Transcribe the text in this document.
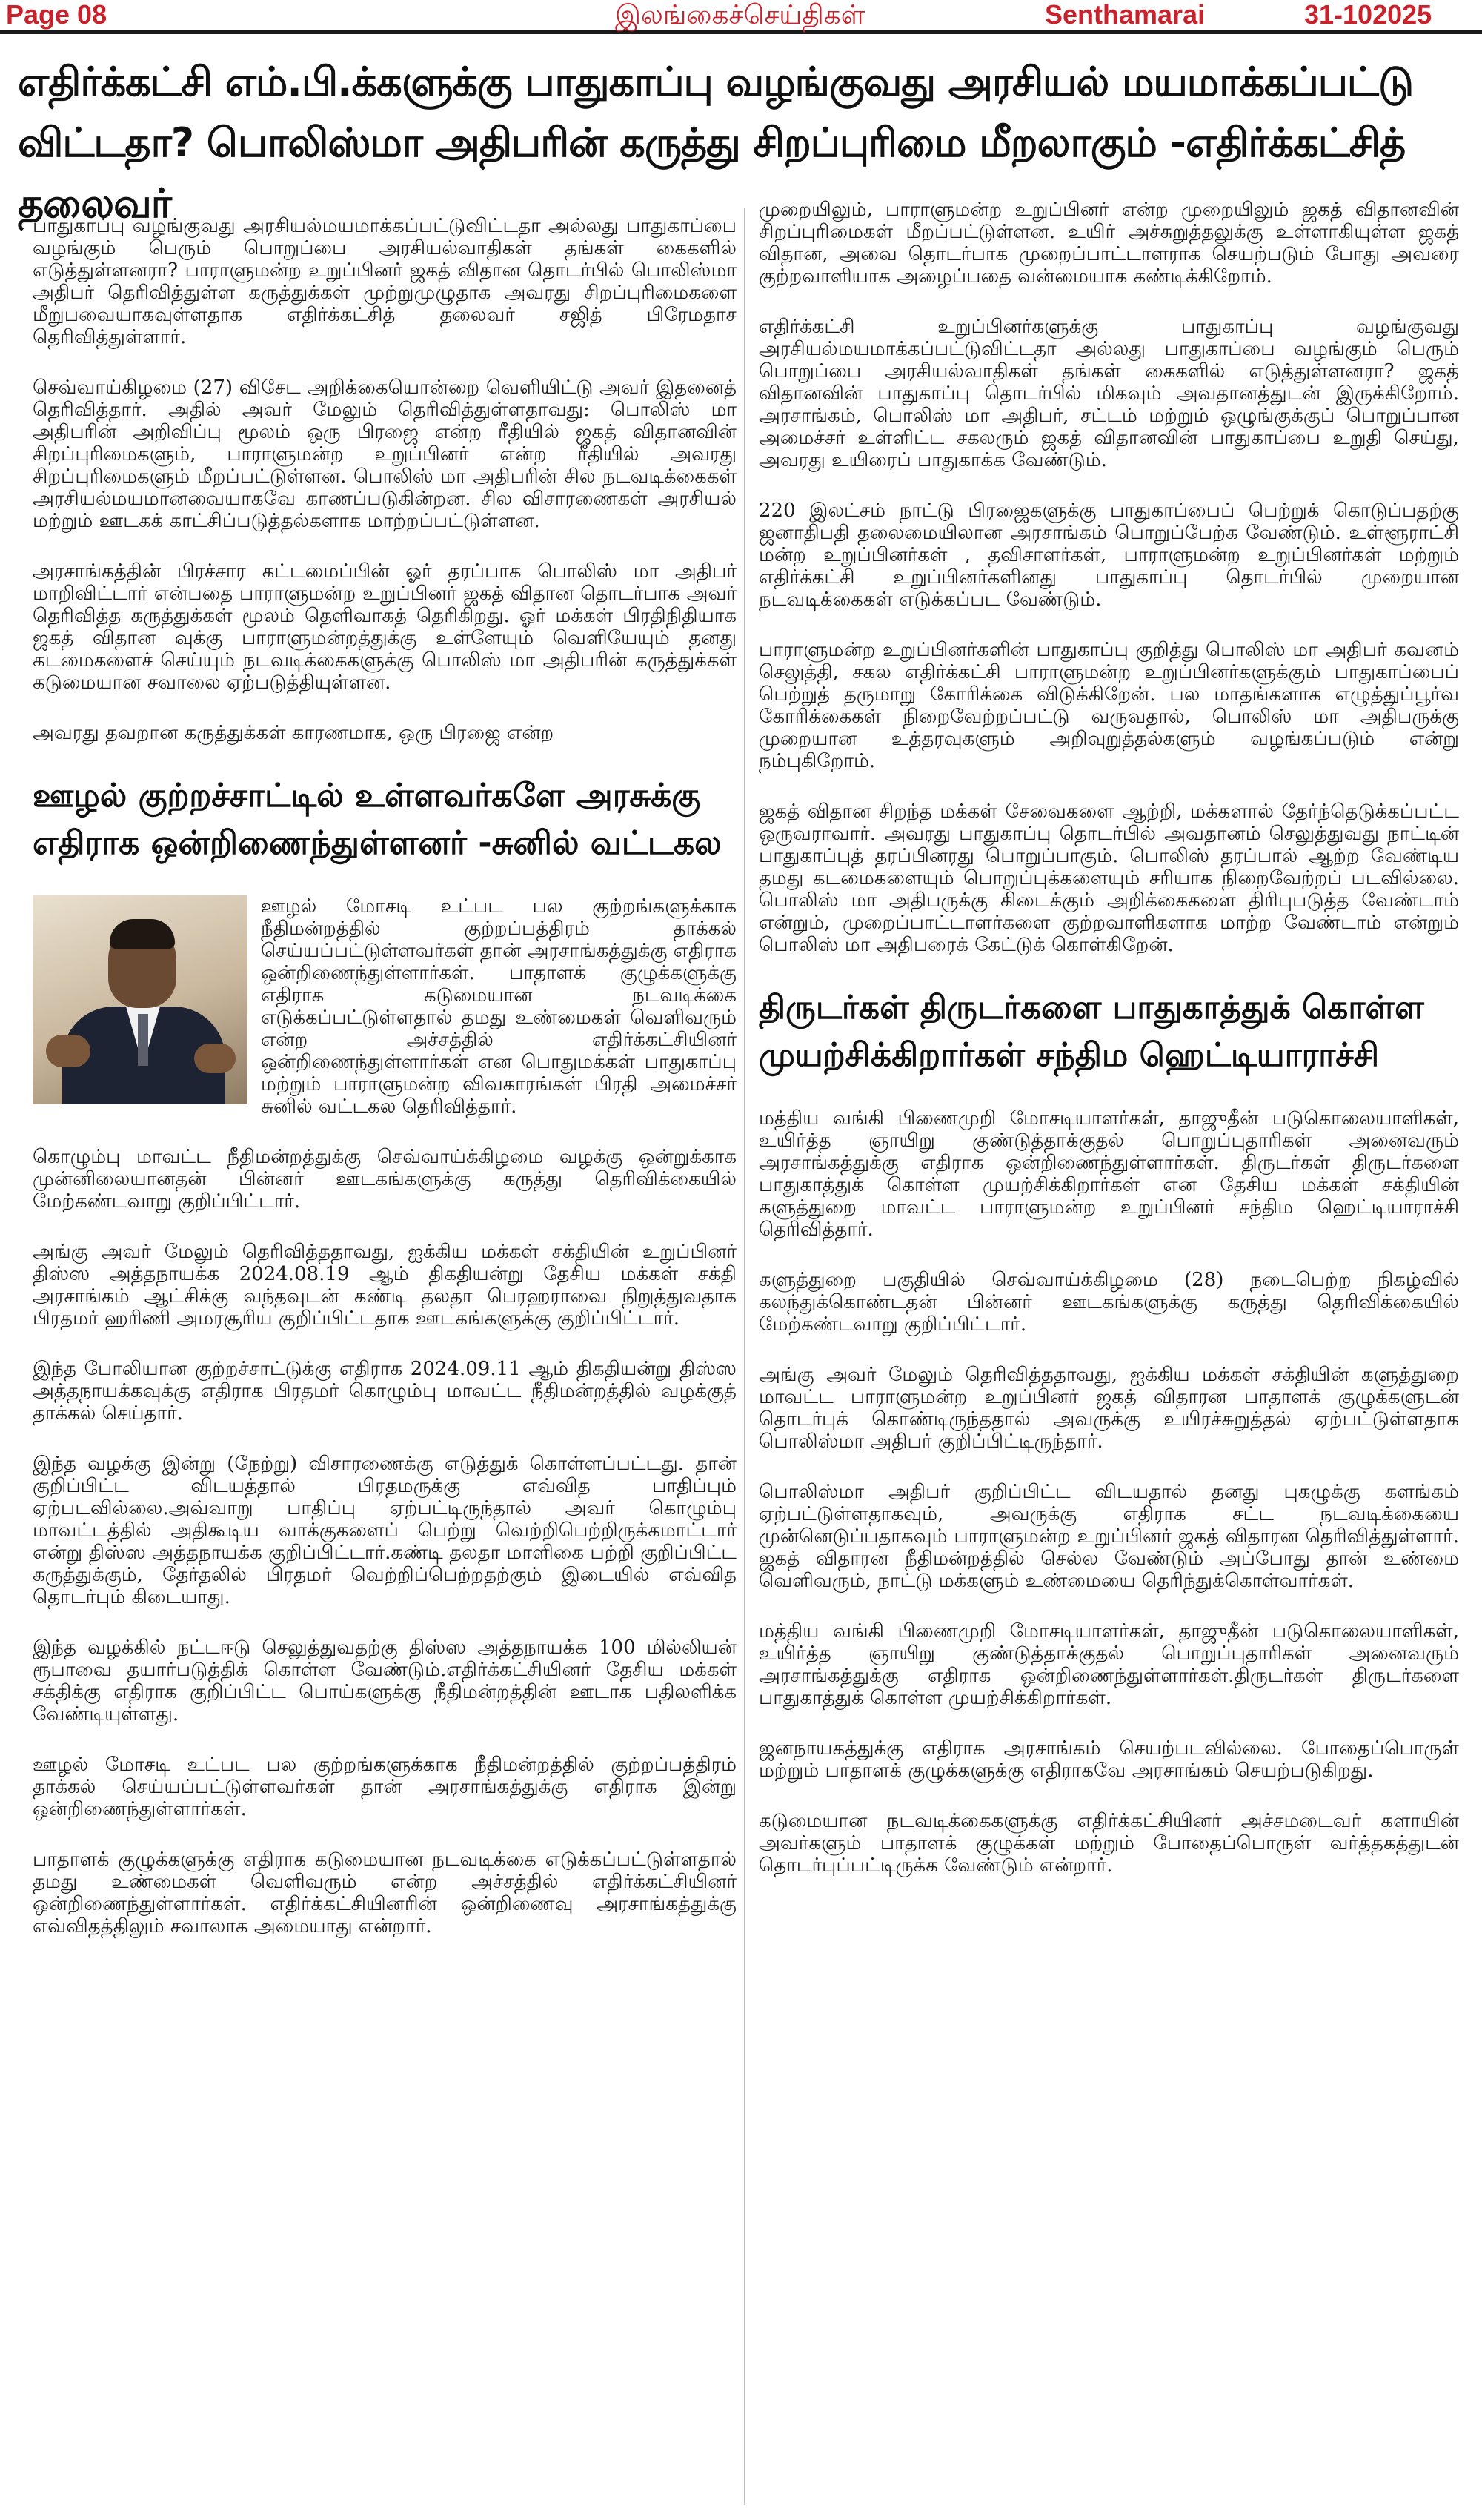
Page 08	இலங்கைச்செய்திகள்	Senthamarai	31-102025
எதிர்க்கட்சி எம்.பி.க்களுக்கு பாதுகாப்பு வழங்குவது அரசியல் மயமாக்கப்பட்டு
விட்டதா? பொலிஸ்மா அதிபரின் கருத்து சிறப்புரிமை மீறலாகும் -எதிர்க்கட்சித் தலைவர்

பாதுகாப்பு வழங்குவது அரசியல்மயமாக்கப்பட்டுவிட்டதா அல்லது பாதுகாப்பை வழங்கும் பெரும் பொறுப்பை அரசியல்வாதிகள் தங்கள் கைகளில் எடுத்துள்ளனரா? பாராளுமன்ற உறுப்பினர் ஜகத் விதான தொடர்பில் பொலிஸ்மா அதிபர் தெரிவித்துள்ள கருத்துக்கள் முற்றுமுழுதாக அவரது சிறப்புரிமைகளை மீறுபவையாகவுள்ளதாக எதிர்க்கட்சித் தலைவர் சஜித் பிரேமதாச தெரிவித்துள்ளார்.

செவ்வாய்கிழமை (27) விசேட அறிக்கையொன்றை வெளியிட்டு அவர் இதனைத் தெரிவித்தார். அதில் அவர் மேலும் தெரிவித்துள்ளதாவது: பொலிஸ் மா அதிபரின் அறிவிப்பு மூலம் ஒரு பிரஜை என்ற ரீதியில் ஜகத் விதானவின் சிறப்புரிமைகளும், பாராளுமன்ற உறுப்பினர் என்ற ரீதியில் அவரது சிறப்புரிமைகளும் மீறப்பட்டுள்ளன. பொலிஸ் மா அதிபரின் சில நடவடிக்கைகள் அரசியல்மயமானவையாகவே காணப்படுகின்றன. சில விசாரணைகள் அரசியல் மற்றும் ஊடகக் காட்சிப்படுத்தல்களாக மாற்றப்பட்டுள்ளன.

அரசாங்கத்தின் பிரச்சார கட்டமைப்பின் ஓர் தரப்பாக பொலிஸ் மா அதிபர் மாறிவிட்டார் என்பதை பாராளுமன்ற உறுப்பினர் ஜகத் விதான தொடர்பாக அவர் தெரிவித்த கருத்துக்கள் மூலம் தெளிவாகத் தெரிகிறது. ஓர் மக்கள் பிரதிநிதியாக ஜகத் விதான வுக்கு பாராளுமன்றத்துக்கு உள்ளேயும் வெளியேயும் தனது கடமைகளைச் செய்யும் நடவடிக்கைகளுக்கு பொலிஸ் மா அதிபரின் கருத்துக்கள் கடுமையான சவாலை ஏற்படுத்தியுள்ளன.

அவரது தவறான கருத்துக்கள் காரணமாக, ஒரு பிரஜை என்ற

ஊழல் குற்றச்சாட்டில் உள்ளவர்களே அரசுக்கு எதிராக ஒன்றிணைந்துள்ளனர் -சுனில் வட்டகல

ஊழல் மோசடி உட்பட பல குற்றங்களுக்காக நீதிமன்றத்தில் குற்றப்பத்திரம் தாக்கல் செய்யப்பட்டுள்ளவர்கள் தான் அரசாங்கத்துக்கு எதிராக ஒன்றிணைந்துள்ளார்கள். பாதாளக் குழுக்களுக்கு எதிராக கடுமையான நடவடிக்கை எடுக்கப்பட்டுள்ளதால் தமது உண்மைகள் வெளிவரும் என்ற அச்சத்தில் எதிர்க்கட்சியினர் ஒன்றிணைந்துள்ளார்கள் என பொதுமக்கள் பாதுகாப்பு மற்றும் பாராளுமன்ற விவகாரங்கள் பிரதி அமைச்சர் சுனில் வட்டகல தெரிவித்தார்.

கொழும்பு மாவட்ட நீதிமன்றத்துக்கு செவ்வாய்க்கிழமை வழக்கு ஒன்றுக்காக முன்னிலையானதன் பின்னர் ஊடகங்களுக்கு கருத்து தெரிவிக்கையில் மேற்கண்டவாறு குறிப்பிட்டார்.

அங்கு அவர் மேலும் தெரிவித்ததாவது, ஐக்கிய மக்கள் சக்தியின் உறுப்பினர் திஸ்ஸ அத்தநாயக்க 2024.08.19 ஆம் திகதியன்று தேசிய மக்கள் சக்தி அரசாங்கம் ஆட்சிக்கு வந்தவுடன் கண்டி தலதா பெரஹராவை நிறுத்துவதாக பிரதமர் ஹரிணி அமரசூரிய குறிப்பிட்டதாக ஊடகங்களுக்கு குறிப்பிட்டார்.

இந்த போலியான குற்றச்சாட்டுக்கு எதிராக 2024.09.11 ஆம் திகதியன்று திஸ்ஸ அத்தநாயக்கவுக்கு எதிராக பிரதமர் கொழும்பு மாவட்ட நீதிமன்றத்தில் வழக்குத் தாக்கல் செய்தார்.

இந்த வழக்கு இன்று (நேற்று) விசாரணைக்கு எடுத்துக் கொள்ளப்பட்டது. தான் குறிப்பிட்ட விடயத்தால் பிரதமருக்கு எவ்வித பாதிப்பும் ஏற்படவில்லை.அவ்வாறு பாதிப்பு ஏற்பட்டிருந்தால் அவர் கொழும்பு மாவட்டத்தில் அதிகூடிய வாக்குகளைப் பெற்று வெற்றிபெற்றிருக்கமாட்டார் என்று திஸ்ஸ அத்தநாயக்க குறிப்பிட்டார்.கண்டி தலதா மாளிகை பற்றி குறிப்பிட்ட கருத்துக்கும், தேர்தலில் பிரதமர் வெற்றிப்பெற்றதற்கும் இடையில் எவ்வித தொடர்பும் கிடையாது.

இந்த வழக்கில் நட்டஈடு செலுத்துவதற்கு திஸ்ஸ அத்தநாயக்க 100 மில்லியன் ரூபாவை தயார்படுத்திக் கொள்ள வேண்டும்.எதிர்க்கட்சியினர் தேசிய மக்கள் சக்திக்கு எதிராக குறிப்பிட்ட பொய்களுக்கு நீதிமன்றத்தின் ஊடாக பதிலளிக்க வேண்டியுள்ளது.

ஊழல் மோசடி உட்பட பல குற்றங்களுக்காக நீதிமன்றத்தில் குற்றப்பத்திரம் தாக்கல் செய்யப்பட்டுள்ளவர்கள் தான் அரசாங்கத்துக்கு எதிராக இன்று ஒன்றிணைந்துள்ளார்கள்.

பாதாளக் குழுக்களுக்கு எதிராக கடுமையான நடவடிக்கை எடுக்கப்பட்டுள்ளதால் தமது உண்மைகள் வெளிவரும் என்ற அச்சத்தில் எதிர்க்கட்சியினர் ஒன்றிணைந்துள்ளார்கள். எதிர்க்கட்சியினரின் ஒன்றிணைவு அரசாங்கத்துக்கு எவ்விதத்திலும் சவாலாக அமையாது என்றார்.

முறையிலும், பாராளுமன்ற உறுப்பினர் என்ற முறையிலும் ஜகத் விதானவின் சிறப்புரிமைகள் மீறப்பட்டுள்ளன. உயிர் அச்சுறுத்தலுக்கு உள்ளாகியுள்ள ஜகத் விதான, அவை தொடர்பாக முறைப்பாட்டாளராக செயற்படும் போது அவரை குற்றவாளியாக அழைப்பதை வன்மையாக கண்டிக்கிறோம்.

எதிர்க்கட்சி உறுப்பினர்களுக்கு பாதுகாப்பு வழங்குவது அரசியல்மயமாக்கப்பட்டுவிட்டதா அல்லது பாதுகாப்பை வழங்கும் பெரும் பொறுப்பை அரசியல்வாதிகள் தங்கள் கைகளில் எடுத்துள்ளனரா? ஜகத் விதானவின் பாதுகாப்பு தொடர்பில் மிகவும் அவதானத்துடன் இருக்கிறோம். அரசாங்கம், பொலிஸ் மா அதிபர், சட்டம் மற்றும் ஒழுங்குக்குப் பொறுப்பான அமைச்சர் உள்ளிட்ட சகலரும் ஜகத் விதானவின் பாதுகாப்பை உறுதி செய்து, அவரது உயிரைப் பாதுகாக்க வேண்டும்.

220 இலட்சம் நாட்டு பிரஜைகளுக்கு பாதுகாப்பைப் பெற்றுக் கொடுப்பதற்கு ஜனாதிபதி தலைமையிலான அரசாங்கம் பொறுப்பேற்க வேண்டும். உள்ளூராட்சி மன்ற உறுப்பினர்கள் , தவிசாளர்கள், பாராளுமன்ற உறுப்பினர்கள் மற்றும் எதிர்க்கட்சி உறுப்பினர்களினது பாதுகாப்பு தொடர்பில் முறையான நடவடிக்கைகள் எடுக்கப்பட வேண்டும்.

பாராளுமன்ற உறுப்பினர்களின் பாதுகாப்பு குறித்து பொலிஸ் மா அதிபர் கவனம் செலுத்தி, சகல எதிர்க்கட்சி பாராளுமன்ற உறுப்பினர்களுக்கும் பாதுகாப்பைப் பெற்றுத் தருமாறு கோரிக்கை விடுக்கிறேன். பல மாதங்களாக எழுத்துப்பூர்வ கோரிக்கைகள் நிறைவேற்றப்பட்டு வருவதால், பொலிஸ் மா அதிபருக்கு முறையான உத்தரவுகளும் அறிவுறுத்தல்களும் வழங்கப்படும் என்று நம்புகிறோம்.

ஜகத் விதான சிறந்த மக்கள் சேவைகளை ஆற்றி, மக்களால் தேர்ந்தெடுக்கப்பட்ட ஒருவராவார். அவரது பாதுகாப்பு தொடர்பில் அவதானம் செலுத்துவது நாட்டின் பாதுகாப்புத் தரப்பினரது பொறுப்பாகும். பொலிஸ் தரப்பால் ஆற்ற வேண்டிய தமது கடமைகளையும் பொறுப்புக்களையும் சரியாக நிறைவேற்றப் படவில்லை. பொலிஸ் மா அதிபருக்கு கிடைக்கும் அறிக்கைகளை திரிபுபடுத்த வேண்டாம் என்றும், முறைப்பாட்டாளர்களை குற்றவாளிகளாக மாற்ற வேண்டாம் என்றும் பொலிஸ் மா அதிபரைக் கேட்டுக் கொள்கிறேன்.

திருடர்கள் திருடர்களை பாதுகாத்துக் கொள்ள முயற்சிக்கிறார்கள் சந்திம ஹெட்டியாராச்சி

மத்திய வங்கி பிணைமுறி மோசடியாளர்கள், தாஜுதீன் படுகொலையாளிகள், உயிர்த்த ஞாயிறு குண்டுத்தாக்குதல் பொறுப்புதாரிகள் அனைவரும் அரசாங்கத்துக்கு எதிராக ஒன்றிணைந்துள்ளார்கள். திருடர்கள் திருடர்களை பாதுகாத்துக் கொள்ள முயற்சிக்கிறார்கள் என தேசிய மக்கள் சக்தியின் களுத்துறை மாவட்ட பாராளுமன்ற உறுப்பினர் சந்திம ஹெட்டியாராச்சி தெரிவித்தார்.

களுத்துறை பகுதியில் செவ்வாய்க்கிழமை (28) நடைபெற்ற நிகழ்வில் கலந்துக்கொண்டதன் பின்னர் ஊடகங்களுக்கு கருத்து தெரிவிக்கையில் மேற்கண்டவாறு குறிப்பிட்டார்.

அங்கு அவர் மேலும் தெரிவித்ததாவது, ஐக்கிய மக்கள் சக்தியின் களுத்துறை மாவட்ட பாராளுமன்ற உறுப்பினர் ஜகத் விதாரன பாதாளக் குழுக்களுடன் தொடர்புக் கொண்டிருந்ததால் அவருக்கு உயிரச்சுறுத்தல் ஏற்பட்டுள்ளதாக பொலிஸ்மா அதிபர் குறிப்பிட்டிருந்தார்.

பொலிஸ்மா அதிபர் குறிப்பிட்ட விடயதால் தனது புகழுக்கு களங்கம் ஏற்பட்டுள்ளதாகவும், அவருக்கு எதிராக சட்ட நடவடிக்கையை முன்னெடுப்பதாகவும் பாராளுமன்ற உறுப்பினர் ஜகத் விதாரன தெரிவித்துள்ளார். ஜகத் விதாரன நீதிமன்றத்தில் செல்ல வேண்டும் அப்போது தான் உண்மை வெளிவரும், நாட்டு மக்களும் உண்மையை தெரிந்துக்கொள்வார்கள்.

மத்திய வங்கி பிணைமுறி மோசடியாளர்கள், தாஜுதீன் படுகொலையாளிகள், உயிர்த்த ஞாயிறு குண்டுத்தாக்குதல் பொறுப்புதாரிகள் அனைவரும் அரசாங்கத்துக்கு எதிராக ஒன்றிணைந்துள்ளார்கள்.திருடர்கள் திருடர்களை பாதுகாத்துக் கொள்ள முயற்சிக்கிறார்கள்.

ஜனநாயகத்துக்கு எதிராக அரசாங்கம் செயற்படவில்லை. போதைப்பொருள் மற்றும் பாதாளக் குழுக்களுக்கு எதிராகவே அரசாங்கம் செயற்படுகிறது.

கடுமையான நடவடிக்கைகளுக்கு எதிர்க்கட்சியினர் அச்சமடைவர் களாயின் அவர்களும் பாதாளக் குழுக்கள் மற்றும் போதைப்பொருள் வர்த்தகத்துடன் தொடர்புப்பட்டிருக்க வேண்டும் என்றார்.
